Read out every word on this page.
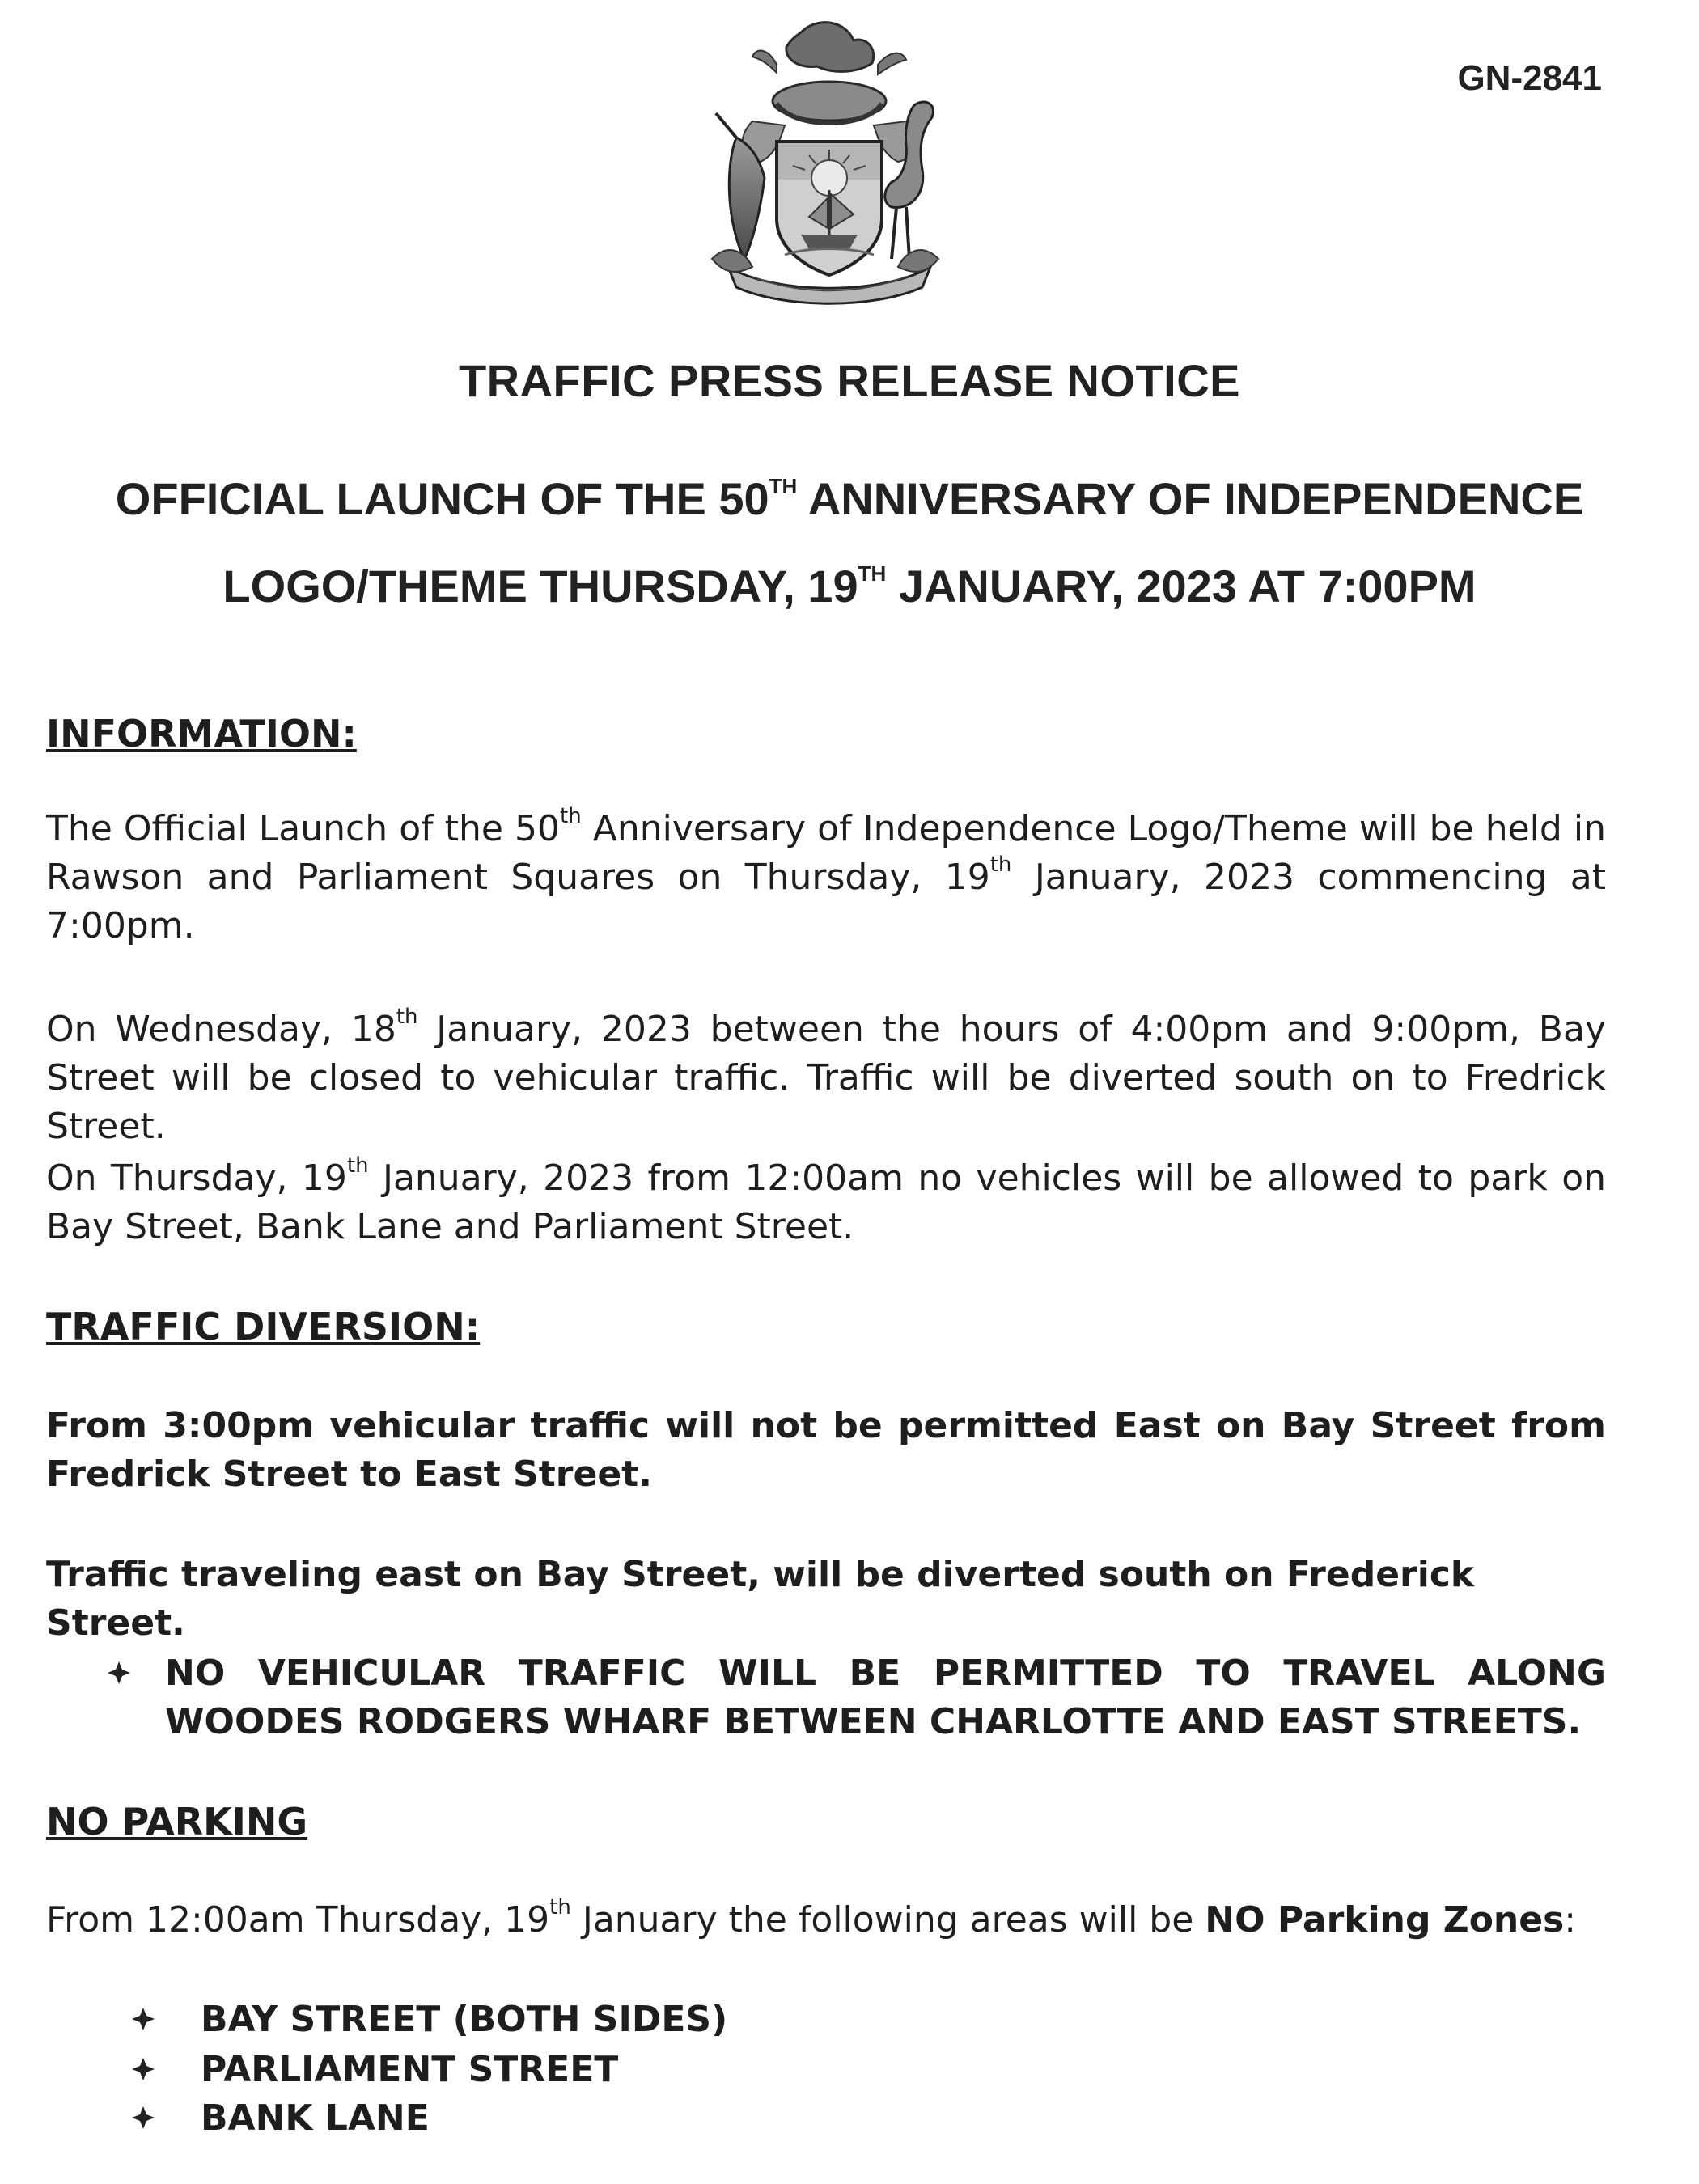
GN-2841
TRAFFIC PRESS RELEASE NOTICE
OFFICIAL LAUNCH OF THE 50TH ANNIVERSARY OF INDEPENDENCE
LOGO/THEME THURSDAY, 19TH JANUARY, 2023 AT 7:00PM
INFORMATION:
The Official Launch of the 50th Anniversary of Independence Logo/Theme will be held in Rawson and Parliament Squares on Thursday, 19th January, 2023 commencing at 7:00pm.
On Wednesday, 18th January, 2023 between the hours of 4:00pm and 9:00pm, Bay Street will be closed to vehicular traffic. Traffic will be diverted south on to Fredrick Street.
On Thursday, 19th January, 2023 from 12:00am no vehicles will be allowed to park on Bay Street, Bank Lane and Parliament Street.
TRAFFIC DIVERSION:
From 3:00pm vehicular traffic will not be permitted East on Bay Street from Fredrick Street to East Street.
Traffic traveling east on Bay Street, will be diverted south on Frederick Street.
NO VEHICULAR TRAFFIC WILL BE PERMITTED TO TRAVEL ALONG WOODES RODGERS WHARF BETWEEN CHARLOTTE AND EAST STREETS.
NO PARKING
From 12:00am Thursday, 19th January the following areas will be NO Parking Zones:
BAY STREET (BOTH SIDES)
PARLIAMENT STREET
BANK LANE
